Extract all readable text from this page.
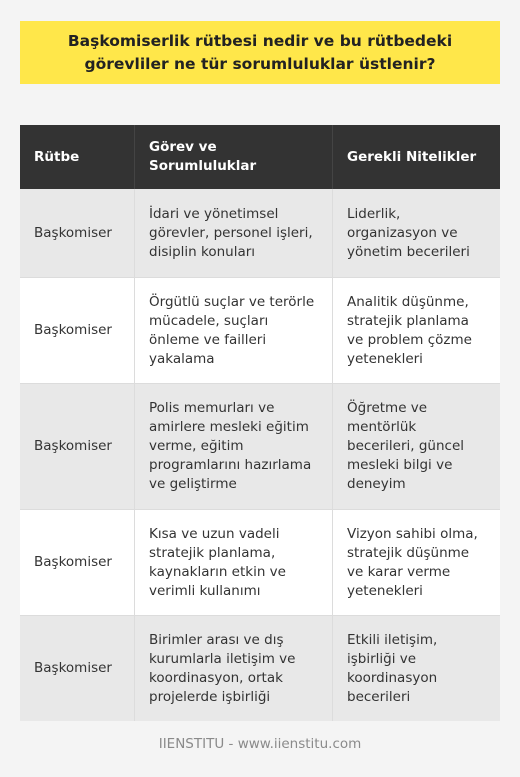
Başkomiserlik rütbesi nedir ve bu rütbedeki görevliler ne tür sorumluluklar üstlenir?
Rütbe
Görev ve Sorumluluklar
Gerekli Nitelikler
Başkomiser
İdari ve yönetimsel görevler, personel işleri, disiplin konuları
Liderlik, organizasyon ve yönetim becerileri
Başkomiser
Örgütlü suçlar ve terörle mücadele, suçları önleme ve failleri yakalama
Analitik düşünme, stratejik planlama ve problem çözme yetenekleri
Başkomiser
Polis memurları ve amirlere mesleki eğitim verme, eğitim programlarını hazırlama ve geliştirme
Öğretme ve mentörlük becerileri, güncel mesleki bilgi ve deneyim
Başkomiser
Kısa ve uzun vadeli stratejik planlama, kaynakların etkin ve verimli kullanımı
Vizyon sahibi olma, stratejik düşünme ve karar verme yetenekleri
Başkomiser
Birimler arası ve dış kurumlarla iletişim ve koordinasyon, ortak projelerde işbirliği
Etkili iletişim, işbirliği ve koordinasyon becerileri
IIENSTITU - www.iienstitu.com
